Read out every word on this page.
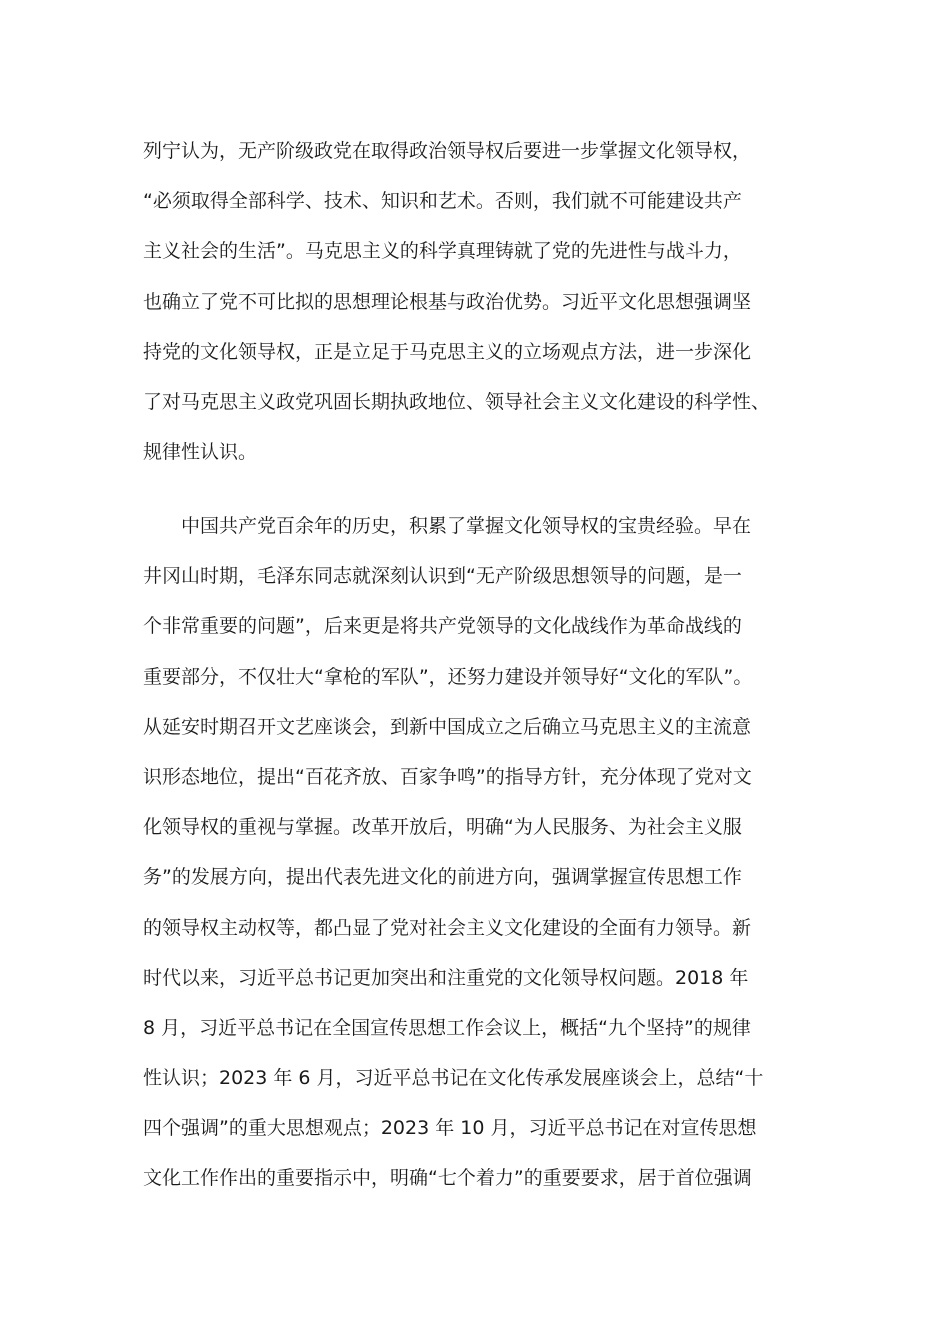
列宁认为，无产阶级政党在取得政治领导权后要进一步掌握文化领导权，
“必须取得全部科学、技术、知识和艺术。否则，我们就不可能建设共产
主义社会的生活”。马克思主义的科学真理铸就了党的先进性与战斗力，
也确立了党不可比拟的思想理论根基与政治优势。习近平文化思想强调坚
持党的文化领导权，正是立足于马克思主义的立场观点方法，进一步深化
了对马克思主义政党巩固长期执政地位、领导社会主义文化建设的科学性、
规律性认识。
　　中国共产党百余年的历史，积累了掌握文化领导权的宝贵经验。早在
井冈山时期，毛泽东同志就深刻认识到“无产阶级思想领导的问题，是一
个非常重要的问题”，后来更是将共产党领导的文化战线作为革命战线的
重要部分，不仅壮大“拿枪的军队”，还努力建设并领导好“文化的军队”。
从延安时期召开文艺座谈会，到新中国成立之后确立马克思主义的主流意
识形态地位，提出“百花齐放、百家争鸣”的指导方针，充分体现了党对文
化领导权的重视与掌握。改革开放后，明确“为人民服务、为社会主义服
务”的发展方向，提出代表先进文化的前进方向，强调掌握宣传思想工作
的领导权主动权等，都凸显了党对社会主义文化建设的全面有力领导。新
时代以来，习近平总书记更加突出和注重党的文化领导权问题。2018 年
8 月，习近平总书记在全国宣传思想工作会议上，概括“九个坚持”的规律
性认识；2023 年 6 月，习近平总书记在文化传承发展座谈会上，总结“十
四个强调”的重大思想观点；2023 年 10 月，习近平总书记在对宣传思想
文化工作作出的重要指示中，明确“七个着力”的重要要求，居于首位强调
